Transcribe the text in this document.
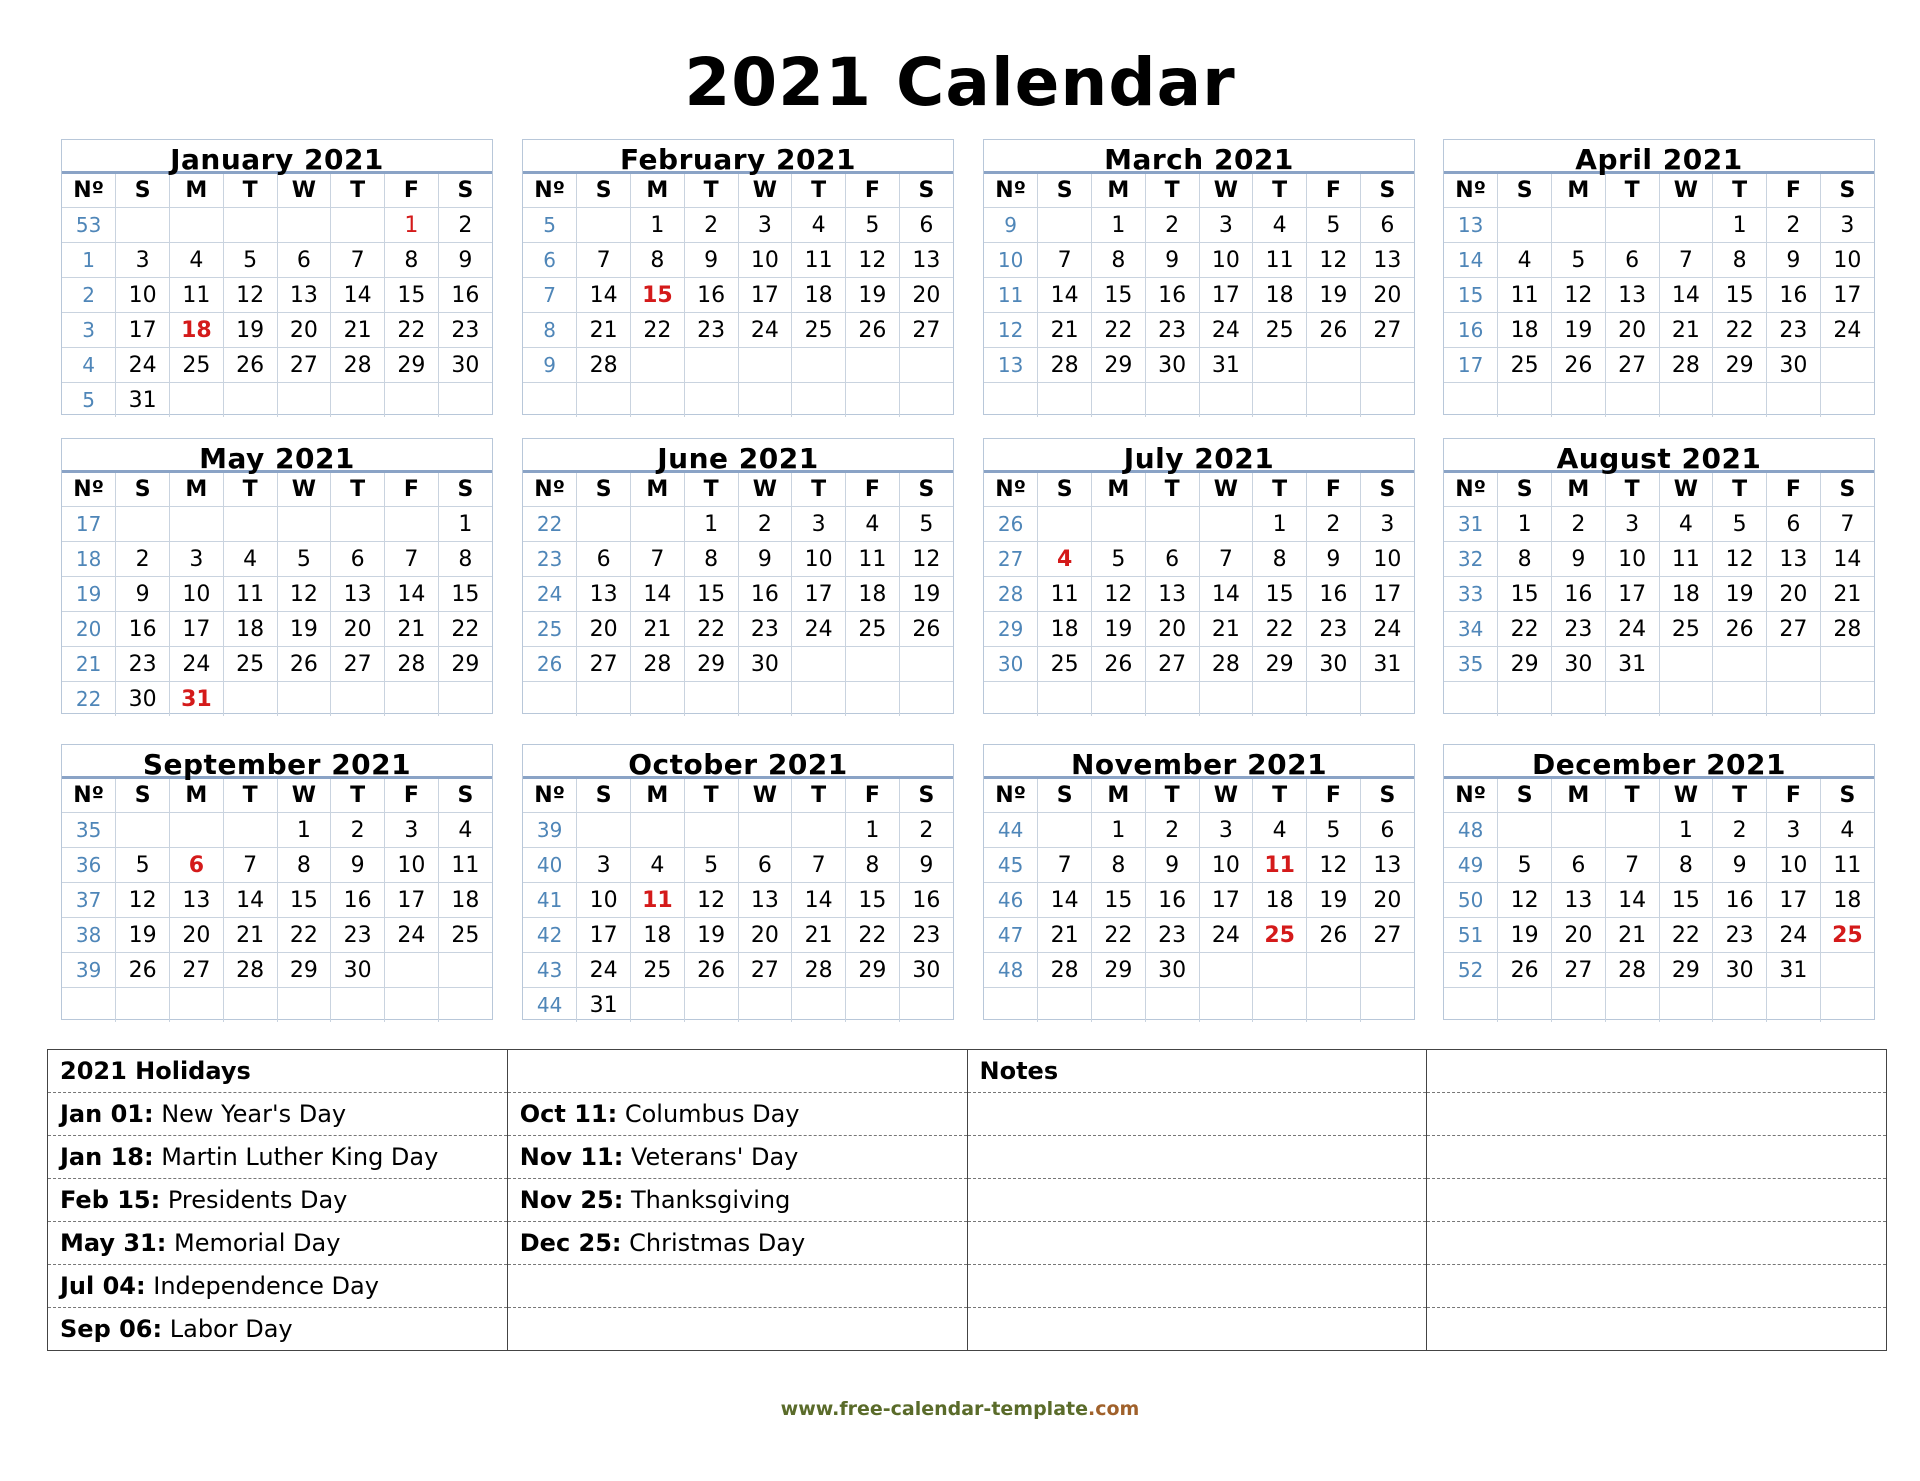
2021 Calendar
January 2021
Nº	S	M	T	W	T	F	S
53						1	2
1	3	4	5	6	7	8	9
2	10	11	12	13	14	15	16
3	17	18	19	20	21	22	23
4	24	25	26	27	28	29	30
5	31						
February 2021
Nº	S	M	T	W	T	F	S
5		1	2	3	4	5	6
6	7	8	9	10	11	12	13
7	14	15	16	17	18	19	20
8	21	22	23	24	25	26	27
9	28						

March 2021
Nº	S	M	T	W	T	F	S
9		1	2	3	4	5	6
10	7	8	9	10	11	12	13
11	14	15	16	17	18	19	20
12	21	22	23	24	25	26	27
13	28	29	30	31			

April 2021
Nº	S	M	T	W	T	F	S
13					1	2	3
14	4	5	6	7	8	9	10
15	11	12	13	14	15	16	17
16	18	19	20	21	22	23	24
17	25	26	27	28	29	30	

May 2021
Nº	S	M	T	W	T	F	S
17							1
18	2	3	4	5	6	7	8
19	9	10	11	12	13	14	15
20	16	17	18	19	20	21	22
21	23	24	25	26	27	28	29
22	30	31					
June 2021
Nº	S	M	T	W	T	F	S
22			1	2	3	4	5
23	6	7	8	9	10	11	12
24	13	14	15	16	17	18	19
25	20	21	22	23	24	25	26
26	27	28	29	30			

July 2021
Nº	S	M	T	W	T	F	S
26					1	2	3
27	4	5	6	7	8	9	10
28	11	12	13	14	15	16	17
29	18	19	20	21	22	23	24
30	25	26	27	28	29	30	31

August 2021
Nº	S	M	T	W	T	F	S
31	1	2	3	4	5	6	7
32	8	9	10	11	12	13	14
33	15	16	17	18	19	20	21
34	22	23	24	25	26	27	28
35	29	30	31				

September 2021
Nº	S	M	T	W	T	F	S
35				1	2	3	4
36	5	6	7	8	9	10	11
37	12	13	14	15	16	17	18
38	19	20	21	22	23	24	25
39	26	27	28	29	30		

October 2021
Nº	S	M	T	W	T	F	S
39						1	2
40	3	4	5	6	7	8	9
41	10	11	12	13	14	15	16
42	17	18	19	20	21	22	23
43	24	25	26	27	28	29	30
44	31						
November 2021
Nº	S	M	T	W	T	F	S
44		1	2	3	4	5	6
45	7	8	9	10	11	12	13
46	14	15	16	17	18	19	20
47	21	22	23	24	25	26	27
48	28	29	30				

December 2021
Nº	S	M	T	W	T	F	S
48				1	2	3	4
49	5	6	7	8	9	10	11
50	12	13	14	15	16	17	18
51	19	20	21	22	23	24	25
52	26	27	28	29	30	31	

2021 Holidays		Notes	
Jan 01: New Year's Day	Oct 11: Columbus Day		
Jan 18: Martin Luther King Day	Nov 11: Veterans' Day		
Feb 15: Presidents Day	Nov 25: Thanksgiving		
May 31: Memorial Day	Dec 25: Christmas Day		
Jul 04: Independence Day			
Sep 06: Labor Day			
www.free-calendar-template.com
